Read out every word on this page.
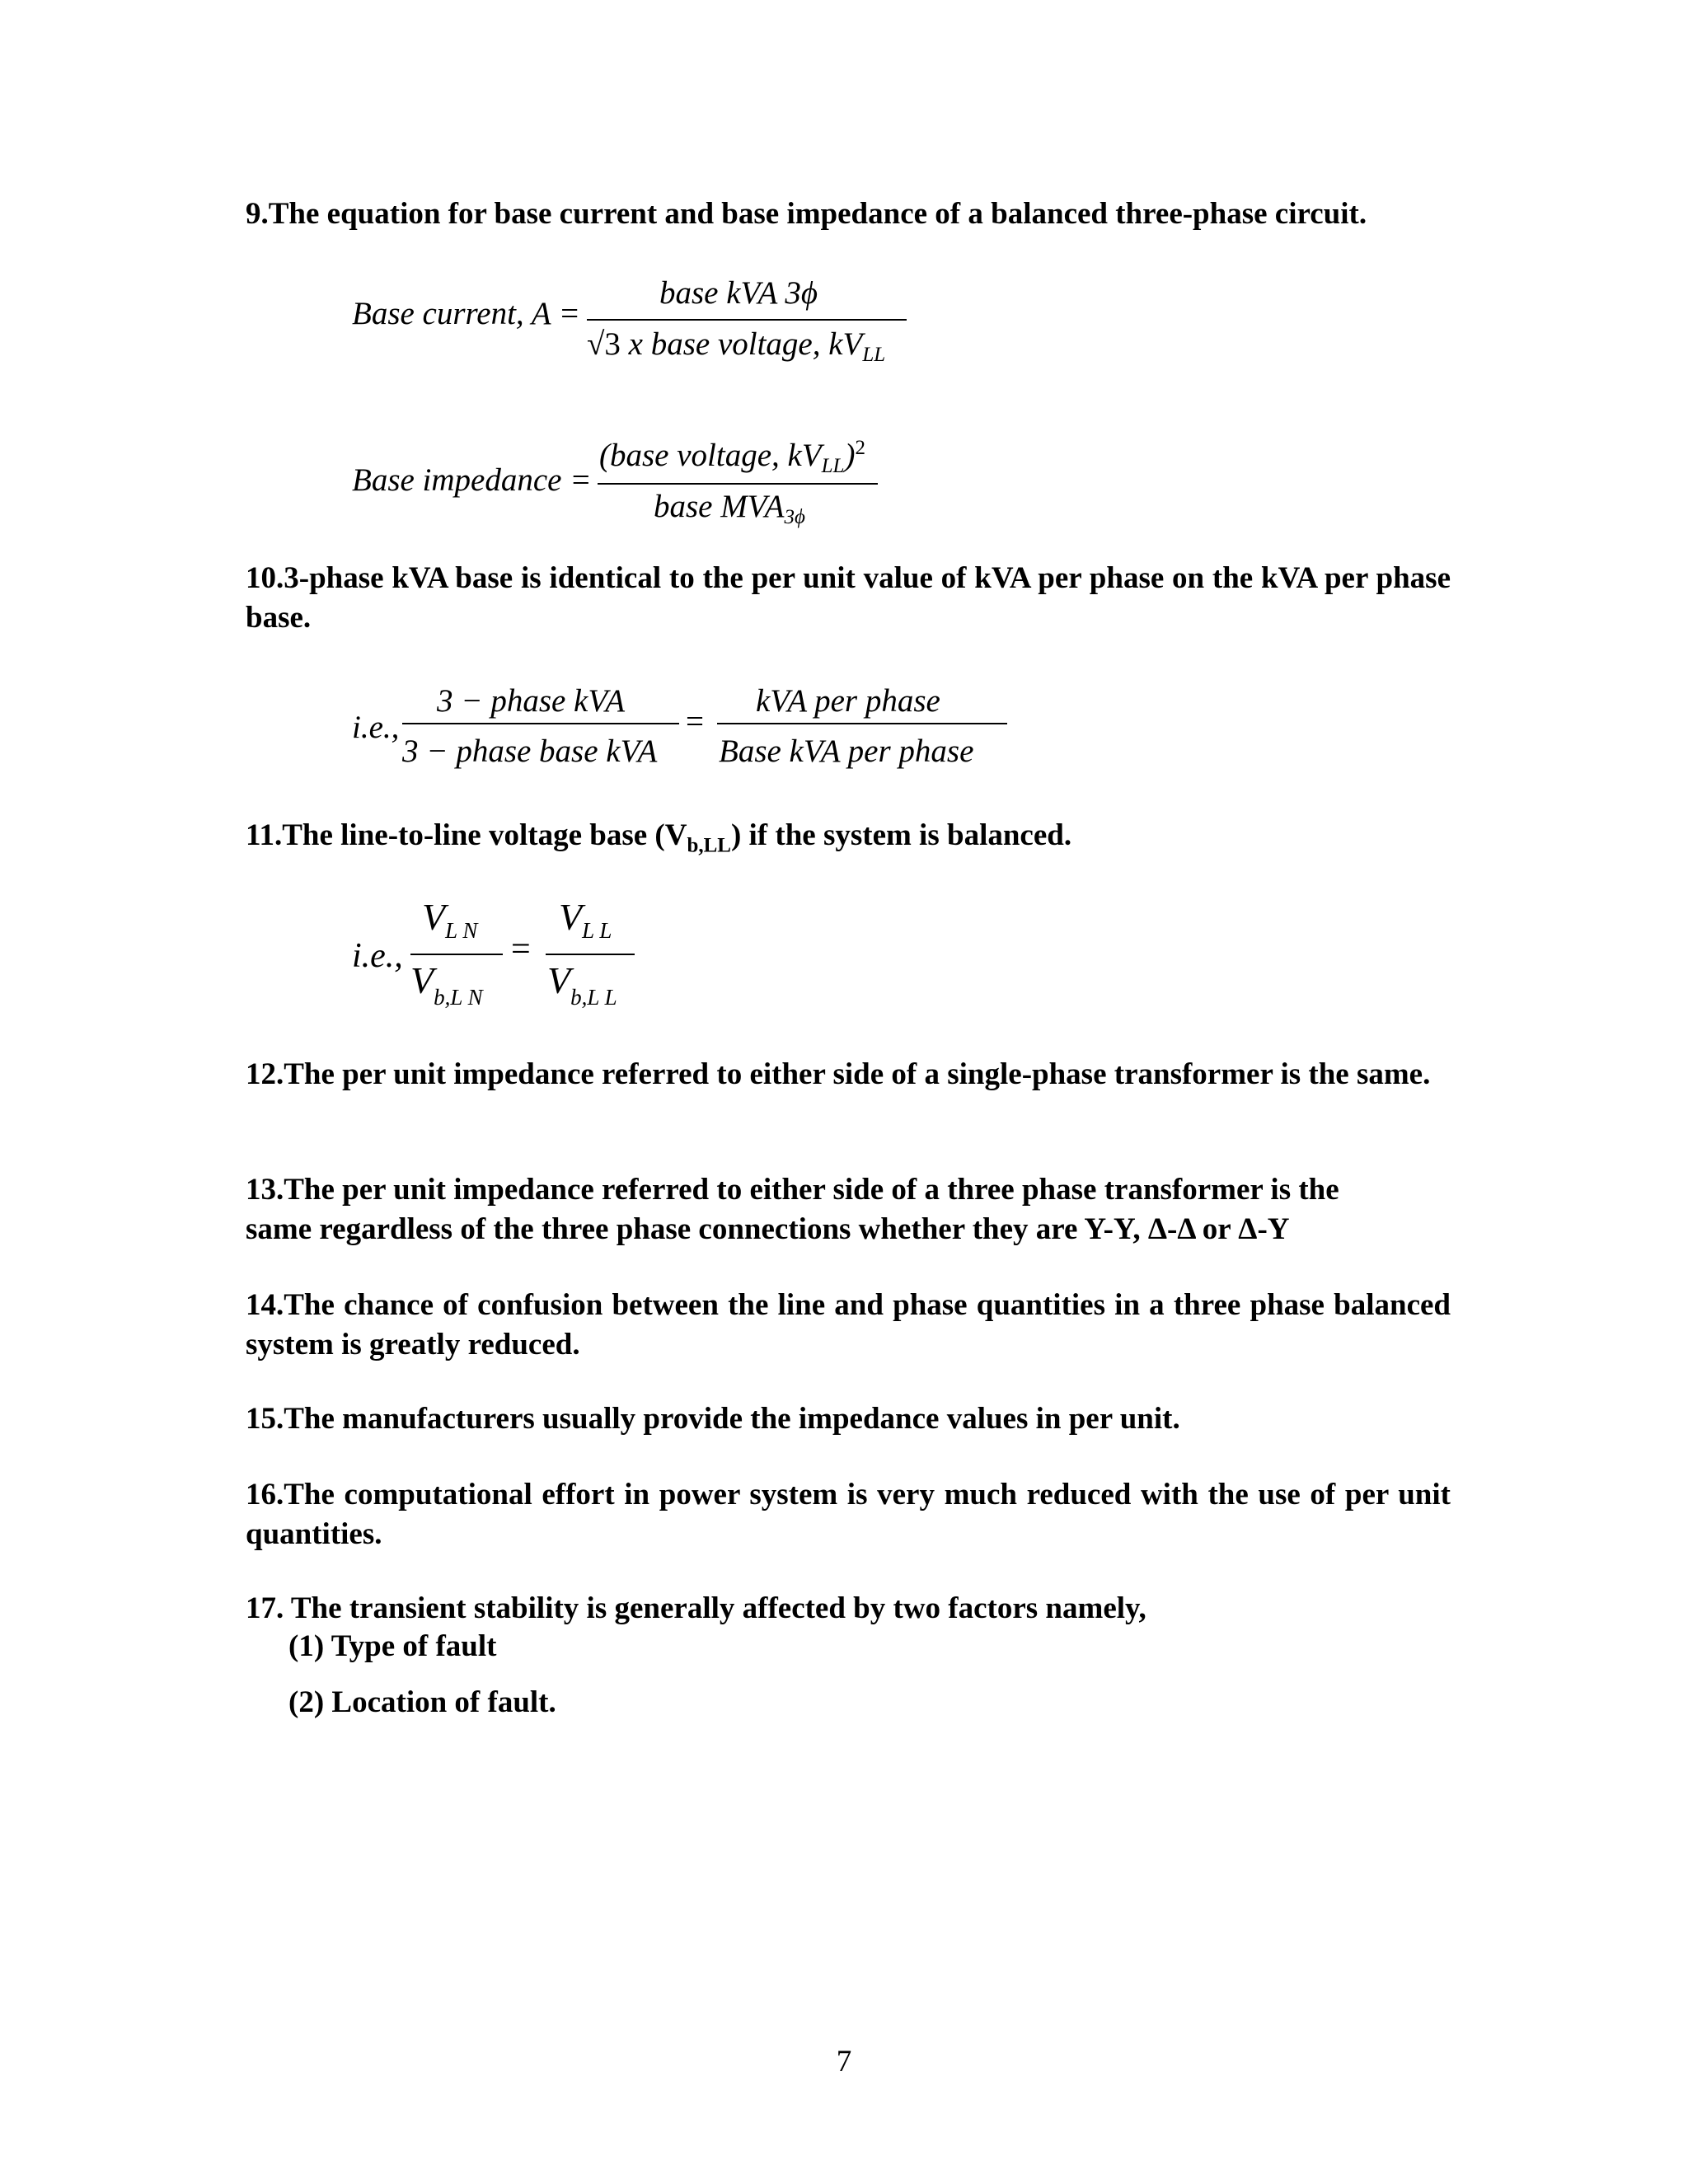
9.The equation for base current and base impedance of a balanced three-phase circuit.

Base current, A =
base kVA 3ϕ
√3 x base voltage, $kV_{LL}$
Base impedance =
(base voltage, $kV_{LL})^2$
base $MVA_{3\phi}$

10.3-phase kVA base is identical to the per unit value of kVA per phase on the kVA per phase base.

i.e.,
3 − phase kVA
3 − phase base kVA
=
kVA per phase
Base kVA per phase

11.The line-to-line voltage base $(V_{b,LL})$ if the system is balanced.

i.e.,
$V_{L N}$
$V_{b,L N}$
=
$V_{L L}$
$V_{b,L L}$

12.The per unit impedance referred to either side of a single-phase transformer is the same.

13.The per unit impedance referred to either side of a three phase transformer is the
same regardless of the three phase connections whether they are Y-Y, Δ-Δ or Δ-Y

14.The chance of confusion between the line and phase quantities in a three phase balanced system is greatly reduced.

15.The manufacturers usually provide the impedance values in per unit.

16.The computational effort in power system is very much reduced with the use of per unit quantities.

17. The transient stability is generally affected by two factors namely,

(1) Type of fault
(2) Location of fault.
7
